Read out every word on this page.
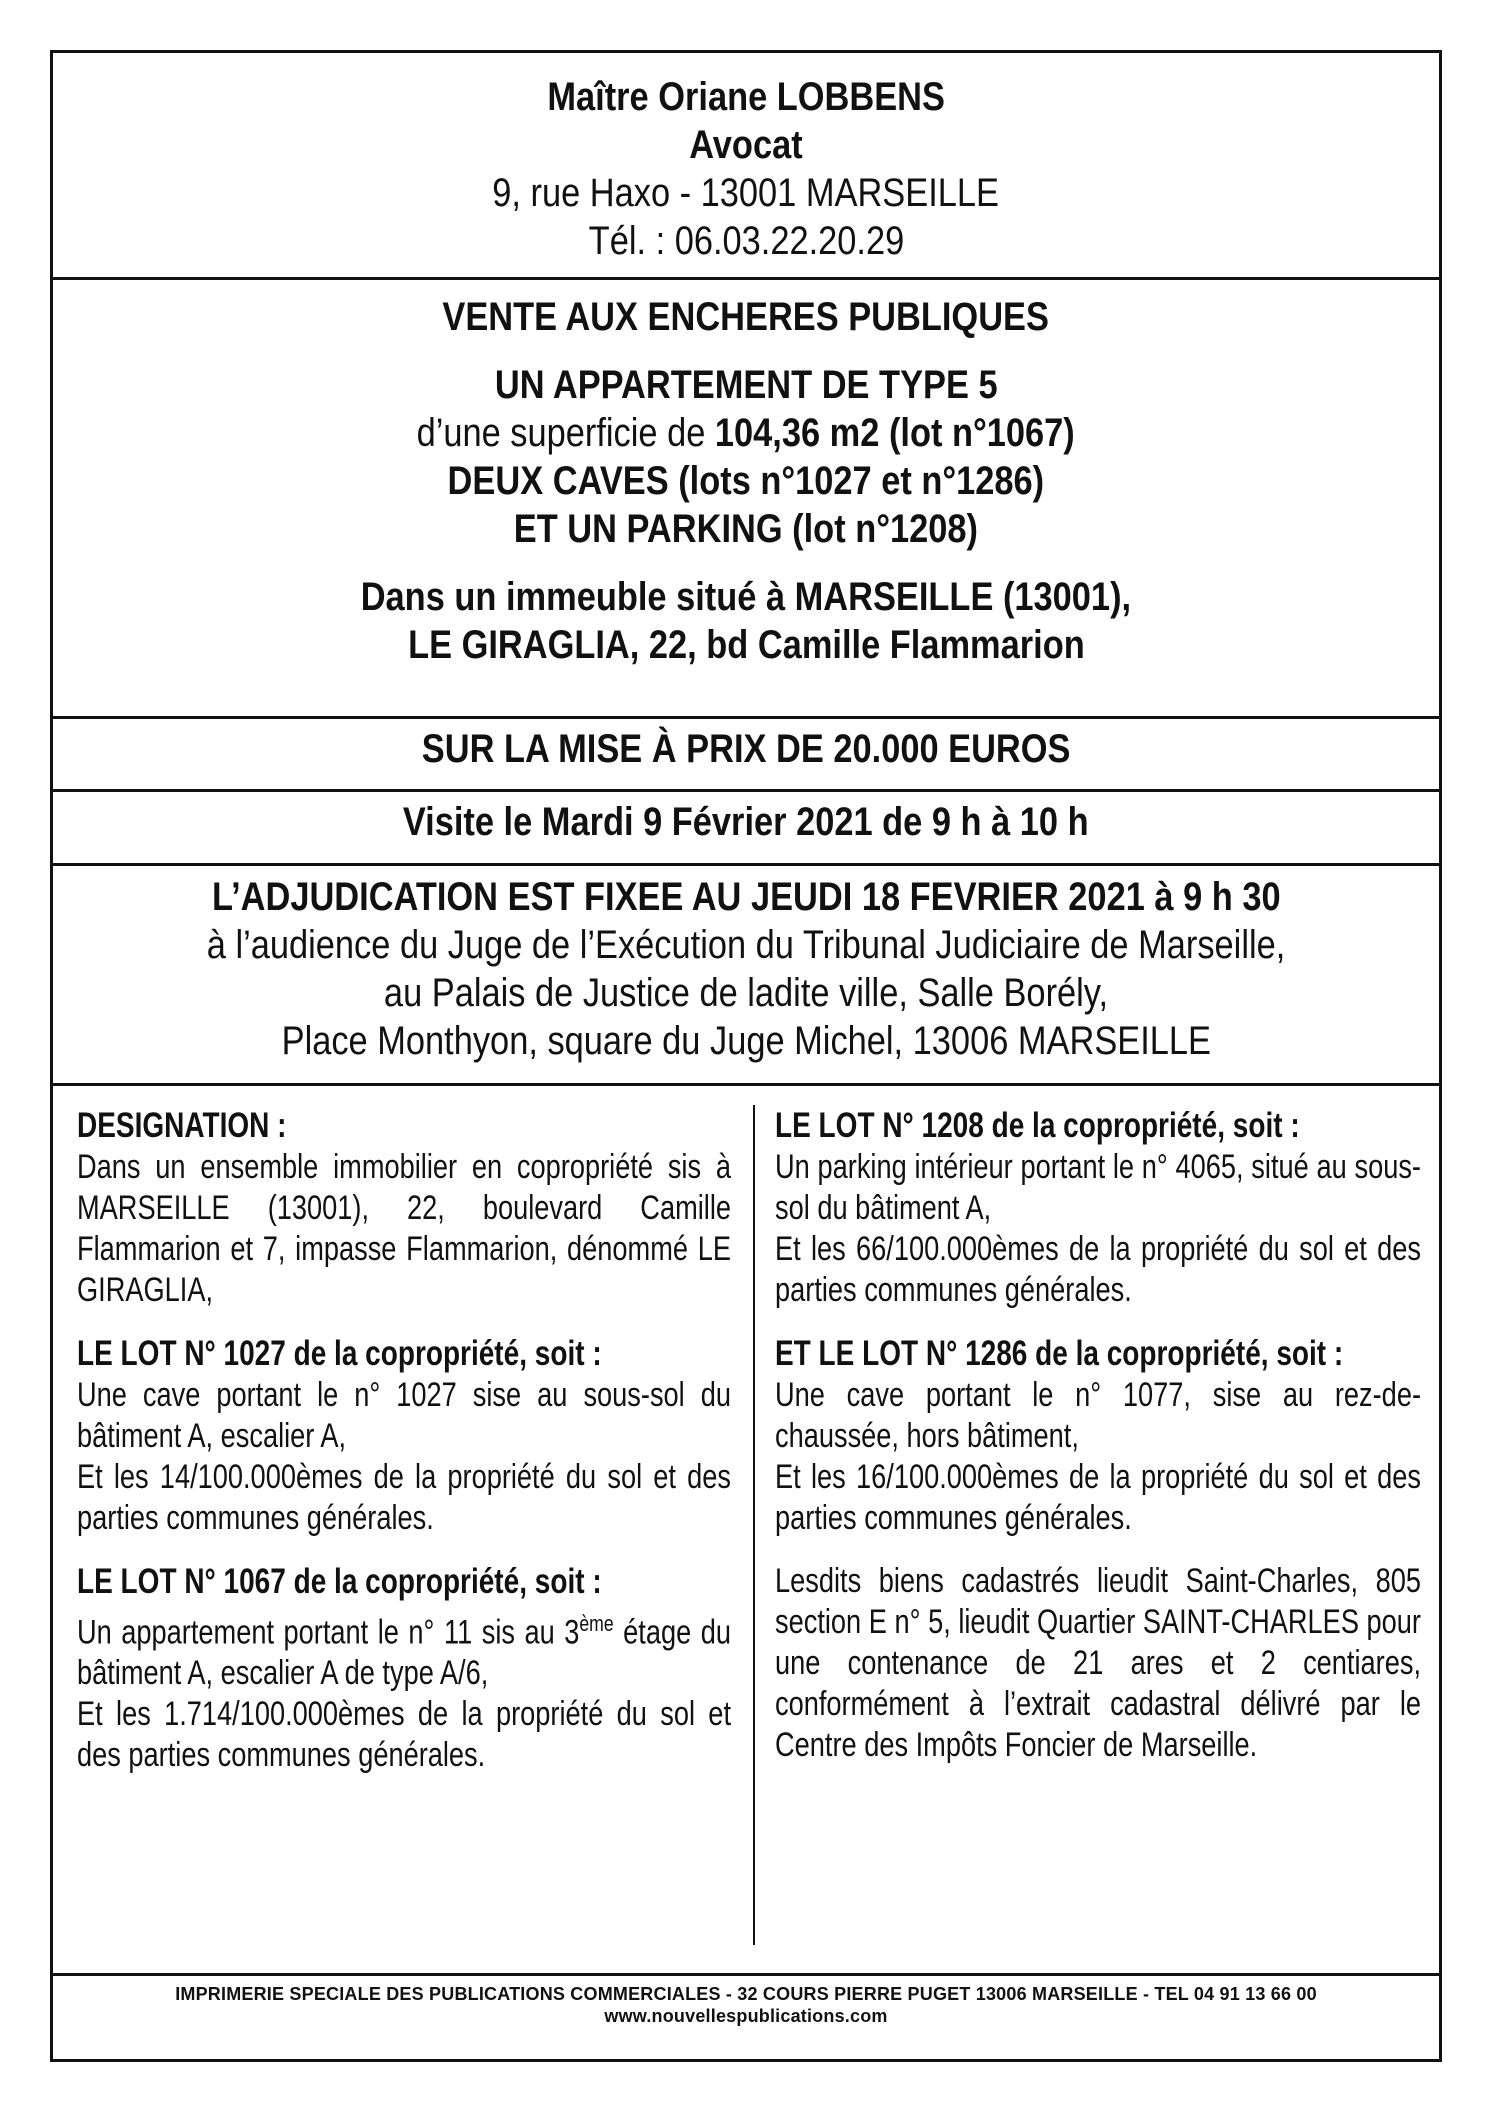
Maître Oriane LOBBENS
Avocat
9, rue Haxo - 13001 MARSEILLE
Tél. : 06.03.22.20.29
VENTE AUX ENCHERES PUBLIQUES
UN APPARTEMENT DE TYPE 5
d’une superficie de 104,36 m2 (lot n°1067)
DEUX CAVES (lots n°1027 et n°1286)
ET UN PARKING (lot n°1208)
Dans un immeuble situé à MARSEILLE (13001),
LE GIRAGLIA, 22, bd Camille Flammarion
SUR LA MISE À PRIX DE 20.000 EUROS
Visite le Mardi 9 Février 2021 de 9 h à 10 h
L’ADJUDICATION EST FIXEE AU JEUDI 18 FEVRIER 2021 à 9 h 30
à l’audience du Juge de l’Exécution du Tribunal Judiciaire de Marseille,
au Palais de Justice de ladite ville, Salle Borély,
Place Monthyon, square du Juge Michel, 13006 MARSEILLE
DESIGNATION :

Dans un ensemble immobilier en copropriété sis à MARSEILLE (13001), 22, boulevard Camille Flammarion et 7, impasse Flammarion, dénommé LE GIRAGLIA,

LE LOT N° 1027 de la copropriété, soit :

Une cave portant le n° 1027 sise au sous-sol du bâtiment A, escalier A,

Et les 14/100.000èmes de la propriété du sol et des parties communes générales.

LE LOT N° 1067 de la copropriété, soit :

Un appartement portant le n° 11 sis au 3ème étage du bâtiment A, escalier A de type A/6,

Et les 1.714/100.000èmes de la propriété du sol et des parties communes générales.

LE LOT N° 1208 de la copropriété, soit :

Un parking intérieur portant le n° 4065, situé au sous-sol du bâtiment A,

Et les 66/100.000èmes de la propriété du sol et des parties communes générales.

ET LE LOT N° 1286 de la copropriété, soit :

Une cave portant le n° 1077, sise au rez-de-chaussée, hors bâtiment,

Et les 16/100.000èmes de la propriété du sol et des parties communes générales.

Lesdits biens cadastrés lieudit Saint-Charles, 805 section E n° 5, lieudit Quartier SAINT-CHARLES pour une contenance de 21 ares et 2 centiares, conformément à l’extrait cadastral délivré par le Centre des Impôts Foncier de Marseille.

IMPRIMERIE SPECIALE DES PUBLICATIONS COMMERCIALES - 32 COURS PIERRE PUGET 13006 MARSEILLE - TEL 04 91 13 66 00
www.nouvellespublications.com
